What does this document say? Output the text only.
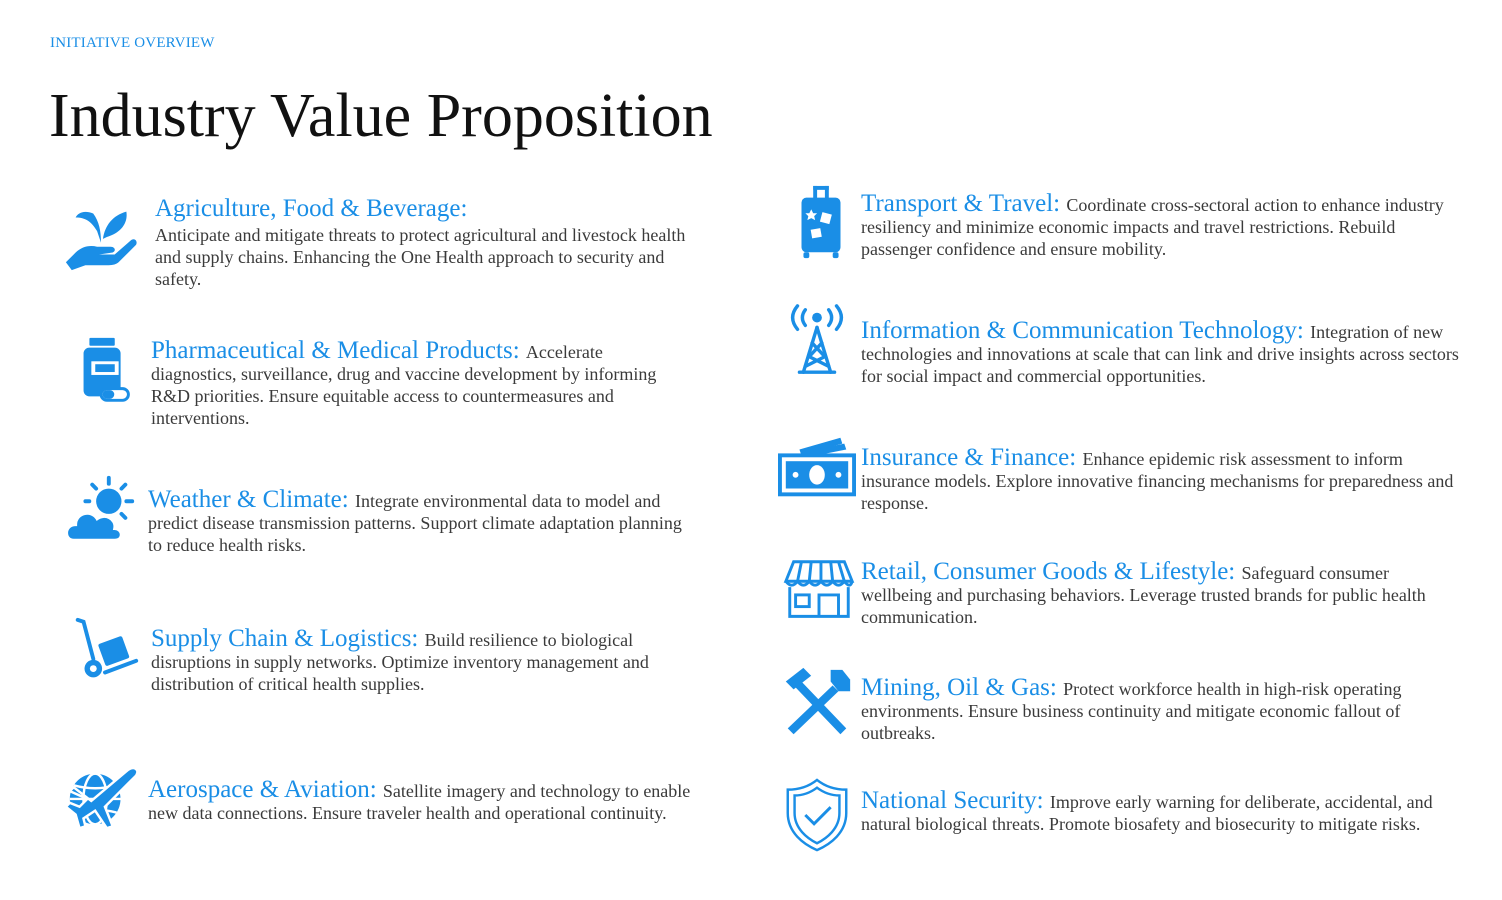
INITIATIVE OVERVIEW
Industry Value Proposition
Agriculture, Food & Beverage:
Anticipate and mitigate threats to protect agricultural and livestock health and supply chains. Enhancing the One Health approach to security and safety.
Pharmaceutical & Medical Products: Accelerate diagnostics, surveillance, drug and vaccine development by informing R&D priorities. Ensure equitable access to countermeasures and interventions.
Weather & Climate: Integrate environmental data to model and predict disease transmission patterns. Support climate adaptation planning to reduce health risks.
Supply Chain & Logistics: Build resilience to biological disruptions in supply networks. Optimize inventory management and distribution of critical health supplies.
Aerospace & Aviation: Satellite imagery and technology to enable new data connections. Ensure traveler health and operational continuity.
Transport & Travel: Coordinate cross-sectoral action to enhance industry resiliency and minimize economic impacts and travel restrictions. Rebuild passenger confidence and ensure mobility.
Information & Communication Technology: Integration of new technologies and innovations at scale that can link and drive insights across sectors for social impact and commercial opportunities.
Insurance & Finance: Enhance epidemic risk assessment to inform insurance models. Explore innovative financing mechanisms for preparedness and response.
Retail, Consumer Goods & Lifestyle: Safeguard consumer wellbeing and purchasing behaviors. Leverage trusted brands for public health communication.
Mining, Oil & Gas: Protect workforce health in high-risk operating environments. Ensure business continuity and mitigate economic fallout of outbreaks.
National Security: Improve early warning for deliberate, accidental, and natural biological threats. Promote biosafety and biosecurity to mitigate risks.
